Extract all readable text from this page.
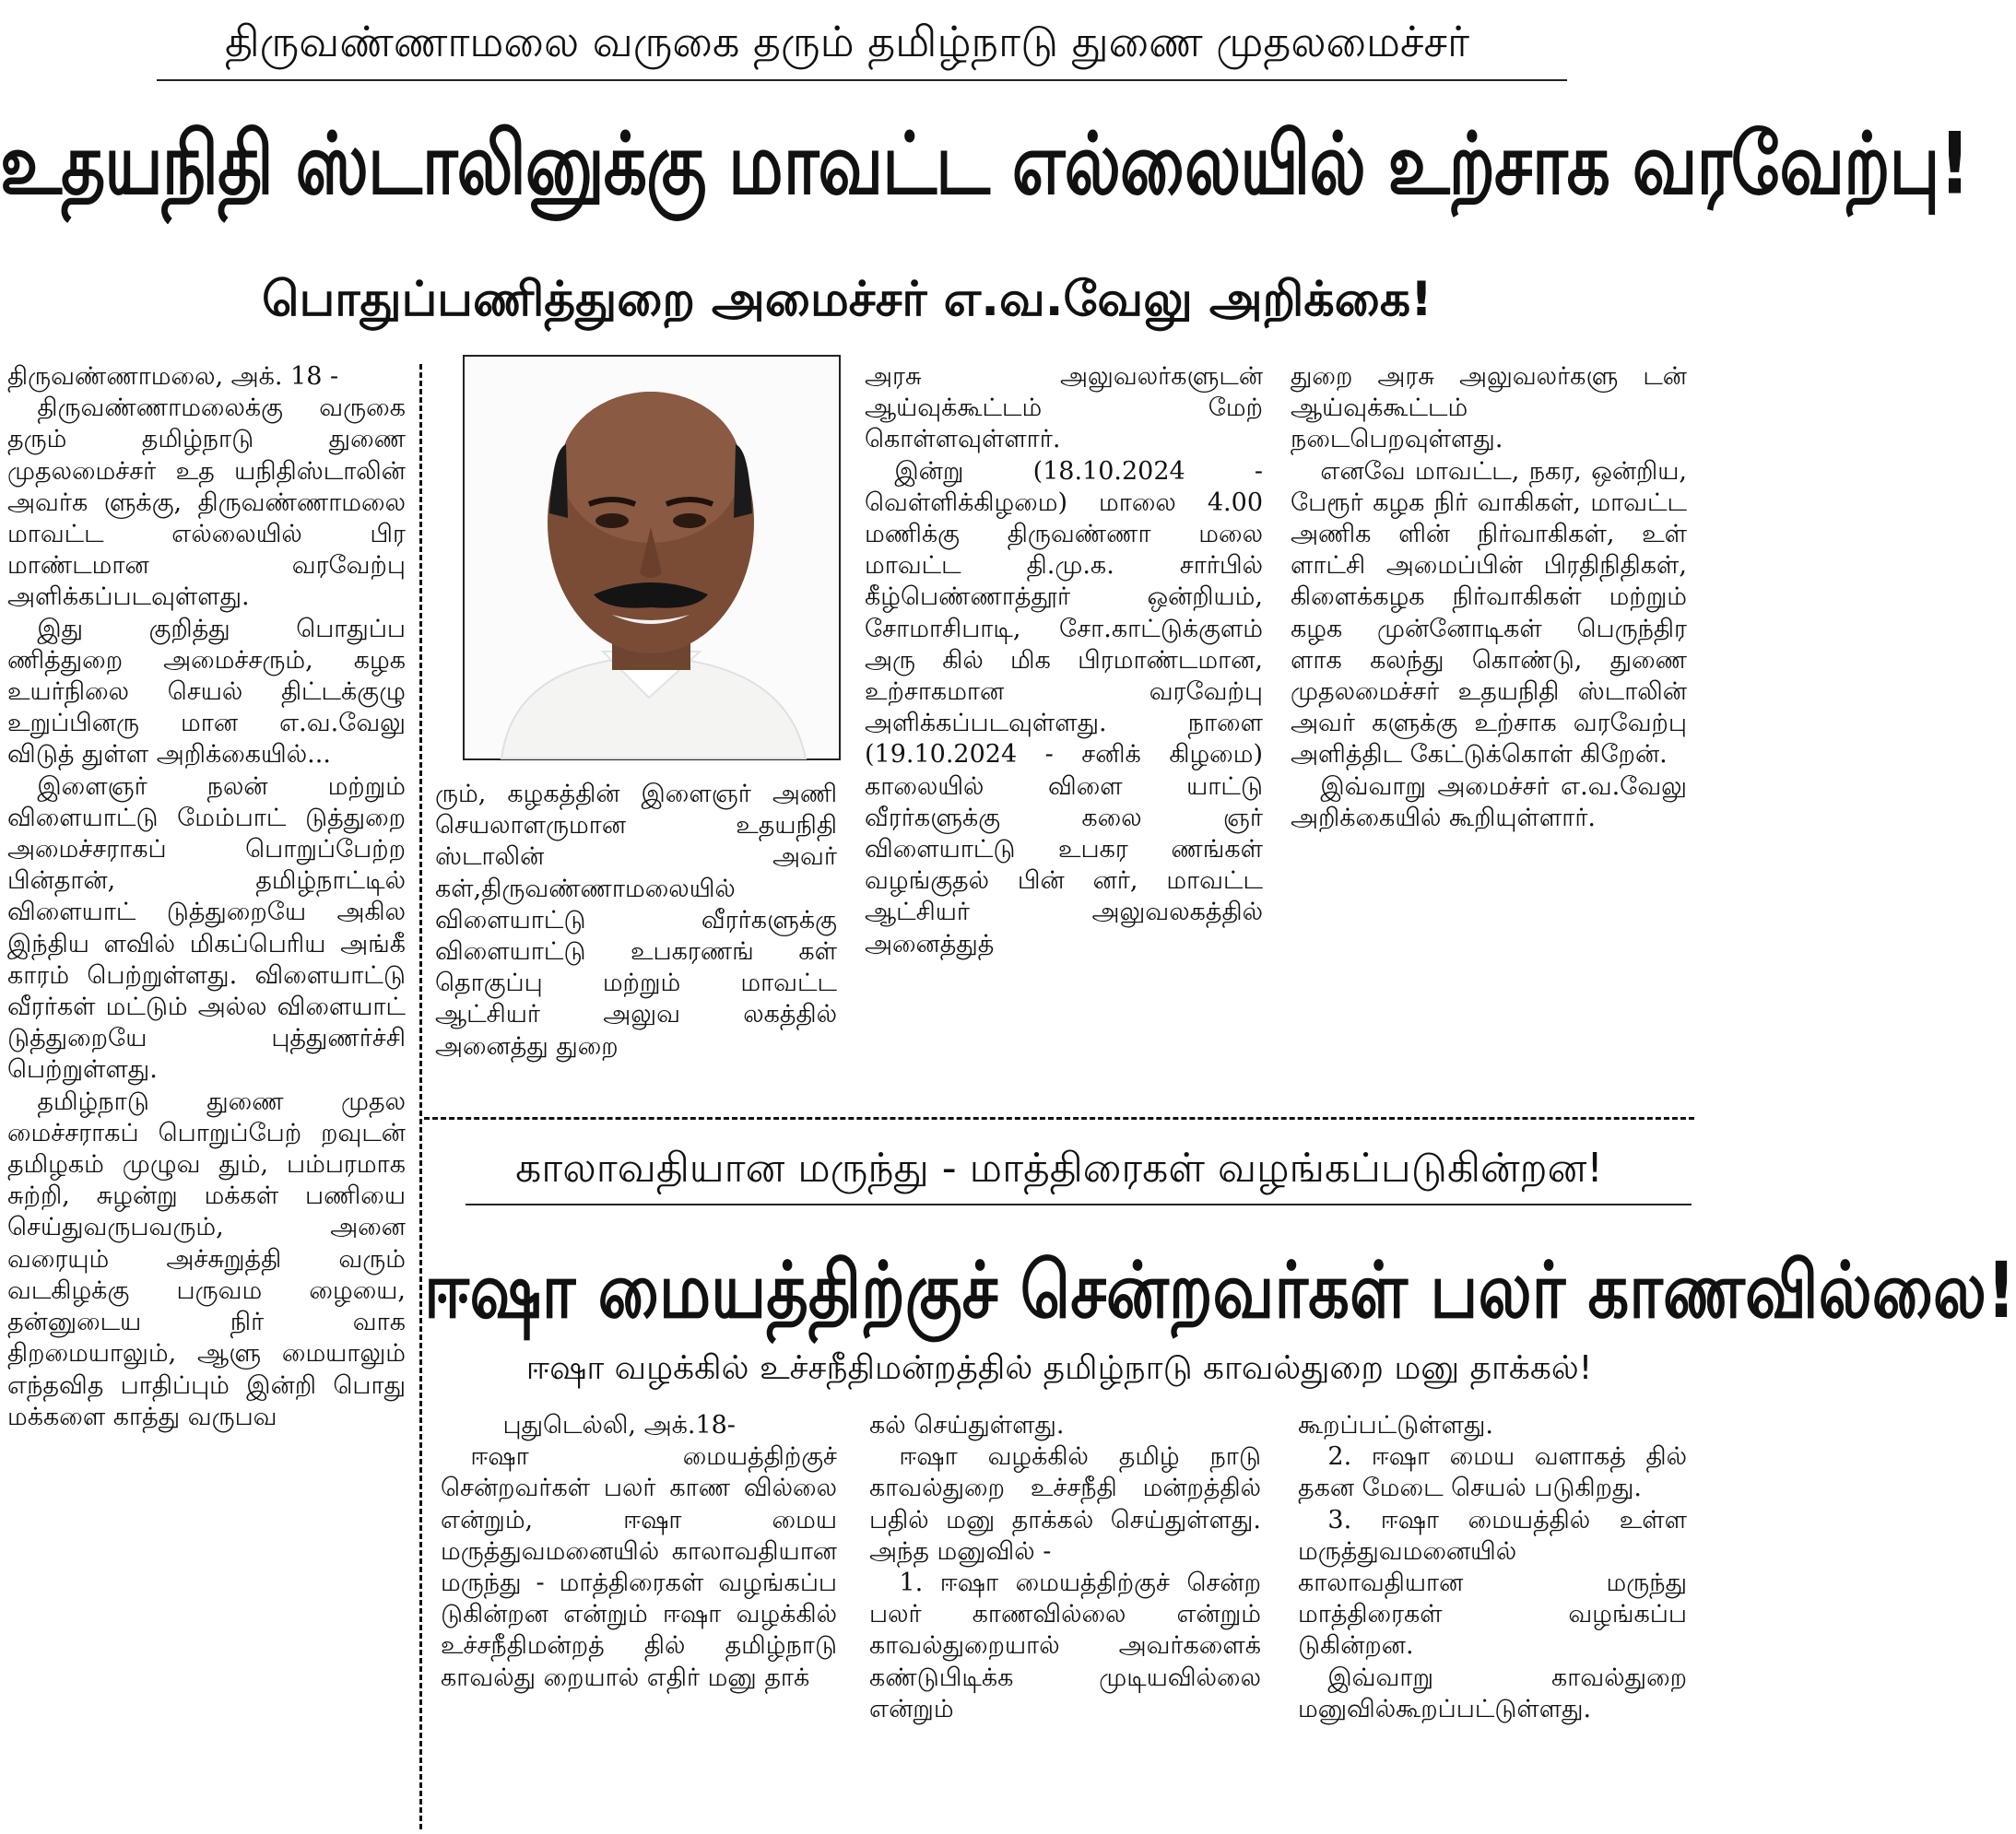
திருவண்ணாமலை வருகை தரும் தமிழ்நாடு துணை முதலமைச்சர்
உதயநிதி ஸ்டாலினுக்கு மாவட்ட எல்லையில் உற்சாக வரவேற்பு!
பொதுப்பணித்துறை அமைச்சர் எ.வ.வேலு அறிக்கை!

திருவண்ணாமலை, அக். 18 -

திருவண்ணாமலைக்கு வருகை தரும் தமிழ்நாடு துணை முதலமைச்சர் உத யநிதிஸ்டாலின் அவர்க ளுக்கு, திருவண்ணாமலை மாவட்ட எல்லையில் பிர மாண்டமான வரவேற்பு அளிக்கப்படவுள்ளது.

இது குறித்து பொதுப்ப ணித்துறை அமைச்சரும், கழக உயர்நிலை செயல் திட்டக்குழு உறுப்பினரு மான எ.வ.வேலு விடுத் துள்ள அறிக்கையில்...

இளைஞர் நலன் மற்றும் விளையாட்டு மேம்பாட் டுத்துறை அமைச்சராகப் பொறுப்பேற்ற பின்தான், தமிழ்நாட்டில் விளையாட் டுத்துறையே அகில இந்திய ளவில் மிகப்பெரிய அங்கீ காரம் பெற்றுள்ளது. விளையாட்டு வீரர்கள் மட்டும் அல்ல விளையாட் டுத்துறையே புத்துணர்ச்சி பெற்றுள்ளது.

தமிழ்நாடு துணை முதல மைச்சராகப் பொறுப்பேற் றவுடன் தமிழகம் முழுவ தும், பம்பரமாக சுற்றி, சுழன்று மக்கள் பணியை செய்துவருபவரும், அனை வரையும் அச்சுறுத்தி வரும் வடகிழக்கு பருவம ழையை, தன்னுடைய நிர் வாக திறமையாலும், ஆளு மையாலும் எந்தவித பாதிப்பும் இன்றி பொது மக்களை காத்து வருபவ

ரும், கழகத்தின் இளைஞர் அணி செயலாளருமான உதயநிதி ஸ்டாலின் அவர் கள்,திருவண்ணாமலையில் விளையாட்டு வீரர்களுக்கு விளையாட்டு உபகரணங் கள் தொகுப்பு மற்றும் மாவட்ட ஆட்சியர் அலுவ லகத்தில் அனைத்து துறை

அரசு அலுவலர்களுடன் ஆய்வுக்கூட்டம் மேற் கொள்ளவுள்ளார்.

இன்று (18.10.2024 - வெள்ளிக்கிழமை) மாலை 4.00 மணிக்கு திருவண்ணா மலை மாவட்ட தி.மு.க. சார்பில் கீழ்பெண்ணாத்தூர் ஒன்றியம், சோமாசிபாடி, சோ.காட்டுக்குளம் அரு கில் மிக பிரமாண்டமான, உற்சாகமான வரவேற்பு அளிக்கப்படவுள்ளது. நாளை (19.10.2024 - சனிக் கிழமை) காலையில் விளை யாட்டு வீரர்களுக்கு கலை ஞர் விளையாட்டு உபகர ணங்கள் வழங்குதல் பின் னர், மாவட்ட ஆட்சியர் அலுவலகத்தில் அனைத்துத்

துறை அரசு அலுவலர்களு டன் ஆய்வுக்கூட்டம் நடைபெறவுள்ளது.

எனவே மாவட்ட, நகர, ஒன்றிய, பேரூர் கழக நிர் வாகிகள், மாவட்ட அணிக ளின் நிர்வாகிகள், உள் ளாட்சி அமைப்பின் பிரதிநிதிகள், கிளைக்கழக நிர்வாகிகள் மற்றும் கழக முன்னோடிகள் பெருந்திர ளாக கலந்து கொண்டு, துணை முதலமைச்சர் உதயநிதி ஸ்டாலின் அவர் களுக்கு உற்சாக வரவேற்பு அளித்திட கேட்டுக்கொள் கிறேன்.

இவ்வாறு அமைச்சர் எ.வ.வேலு அறிக்கையில் கூறியுள்ளார்.

காலாவதியான மருந்து - மாத்திரைகள் வழங்கப்படுகின்றன!
ஈஷா மையத்திற்குச் சென்றவர்கள் பலர் காணவில்லை!
ஈஷா வழக்கில் உச்சநீதிமன்றத்தில் தமிழ்நாடு காவல்துறை மனு தாக்கல்!

புதுடெல்லி, அக்.18-

ஈஷா மையத்திற்குச் சென்றவர்கள் பலர் காண வில்லை என்றும், ஈஷா மைய மருத்துவமனையில் காலாவதியான மருந்து - மாத்திரைகள் வழங்கப்ப டுகின்றன என்றும் ஈஷா வழக்கில் உச்சநீதிமன்றத் தில் தமிழ்நாடு காவல்து றையால் எதிர் மனு தாக்

கல் செய்துள்ளது.

ஈஷா வழக்கில் தமிழ் நாடு காவல்துறை உச்சநீதி மன்றத்தில் பதில் மனு தாக்கல் செய்துள்ளது. அந்த மனுவில் -

1. ஈஷா மையத்திற்குச் சென்ற பலர் காணவில்லை என்றும் காவல்துறையால் அவர்களைக் கண்டுபிடிக்க முடியவில்லை என்றும்

கூறப்பட்டுள்ளது.

2. ஈஷா மைய வளாகத் தில் தகன மேடை செயல் படுகிறது.

3. ஈஷா மையத்தில் உள்ள மருத்துவமனையில் காலாவதியான மருந்து மாத்திரைகள் வழங்கப்ப டுகின்றன.

இவ்வாறு காவல்துறை மனுவில்கூறப்பட்டுள்ளது.
